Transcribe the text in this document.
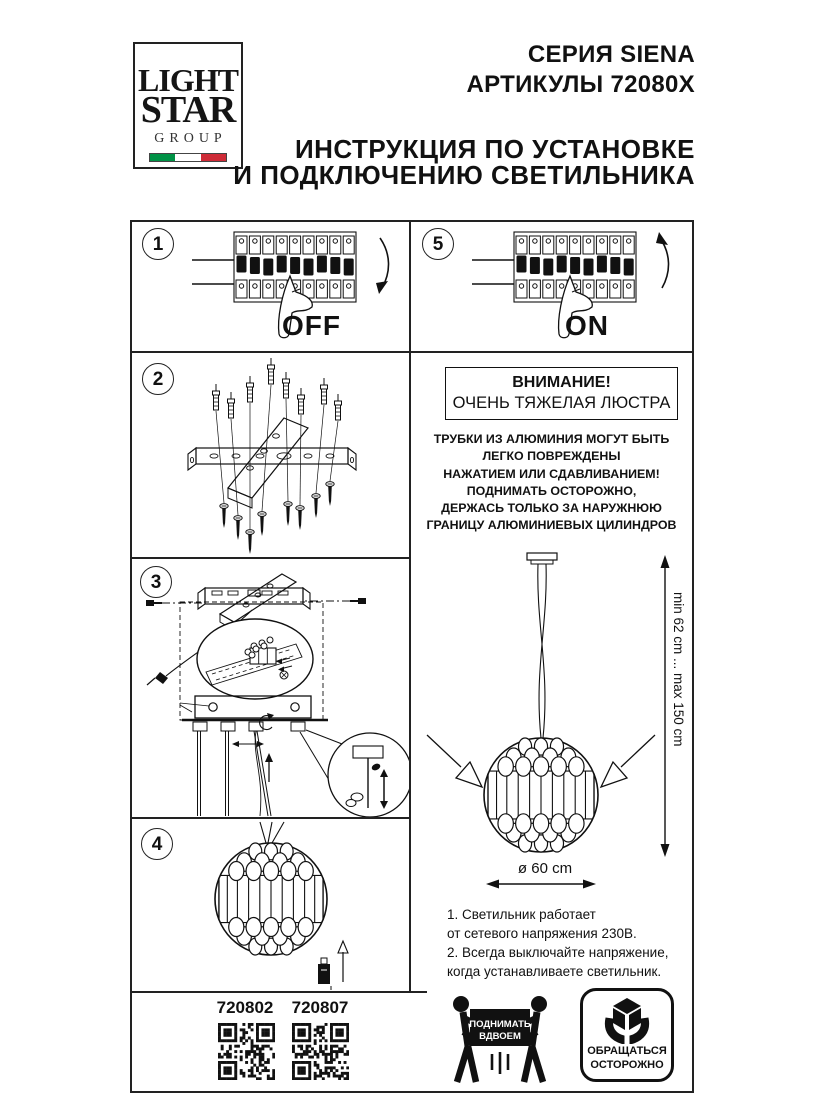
LIGHT
STAR
GROUP
СЕРИЯ SIENA
АРТИКУЛЫ 72080X
ИНСТРУКЦИЯ ПО УСТАНОВКЕ
И ПОДКЛЮЧЕНИЮ СВЕТИЛЬНИКА
1	5
2
3
4
OFF	ON
ВНИМАНИЕ!
ОЧЕНЬ ТЯЖЕЛАЯ ЛЮСТРА
ТРУБКИ ИЗ АЛЮМИНИЯ МОГУТ БЫТЬ
ЛЕГКО ПОВРЕЖДЕНЫ
НАЖАТИЕМ ИЛИ СДАВЛИВАНИЕМ!
ПОДНИМАТЬ ОСТОРОЖНО,
ДЕРЖАСЬ ТОЛЬКО ЗА НАРУЖНЮЮ
ГРАНИЦУ АЛЮМИНИЕВЫХ ЦИЛИНДРОВ
min 62 cm ... max 150 cm
ø 60 cm
1. Светильник работает
от сетевого напряжения 230В.
2. Всегда выключайте напряжение,
когда устанавливаете светильник.
720802	720807
ПОДНИМАТЬ
ВДВОЕМ
ОБРАЩАТЬСЯ
ОСТОРОЖНО
